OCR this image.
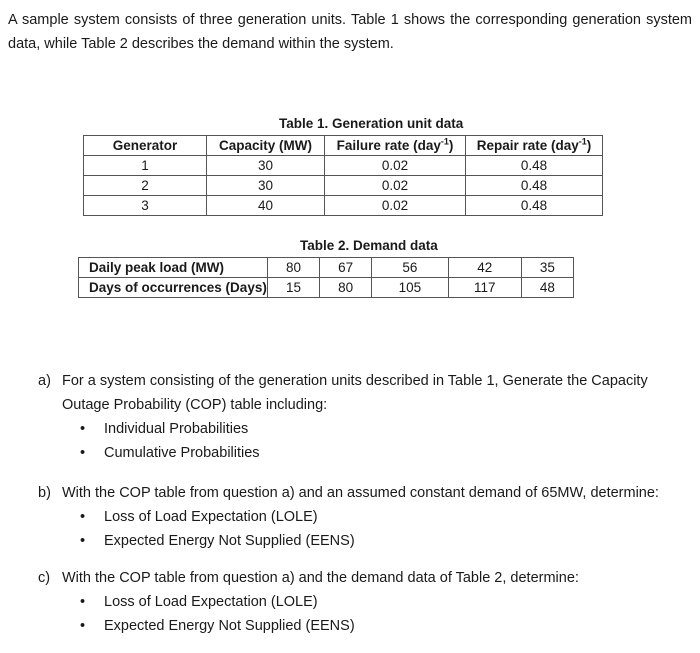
A sample system consists of three generation units. Table 1 shows the corresponding generation system data, while Table 2 describes the demand within the system.
Table 1. Generation unit data
Generator	Capacity (MW)	Failure rate (day$^{-1}$)	Repair rate (day$^{-1}$)
1	30	0.02	0.48
2	30	0.02	0.48
3	40	0.02	0.48
Table 2. Demand data
Daily peak load (MW)	80	67	56	42	35
Days of occurrences (Days)	15	80	105	117	48
a) For a system consisting of the generation units described in Table 1, Generate the Capacity Outage Probability (COP) table including:
• Individual Probabilities
• Cumulative Probabilities
b) With the COP table from question a) and an assumed constant demand of 65MW, determine:
• Loss of Load Expectation (LOLE)
• Expected Energy Not Supplied (EENS)
c) With the COP table from question a) and the demand data of Table 2, determine:
• Loss of Load Expectation (LOLE)
• Expected Energy Not Supplied (EENS)
